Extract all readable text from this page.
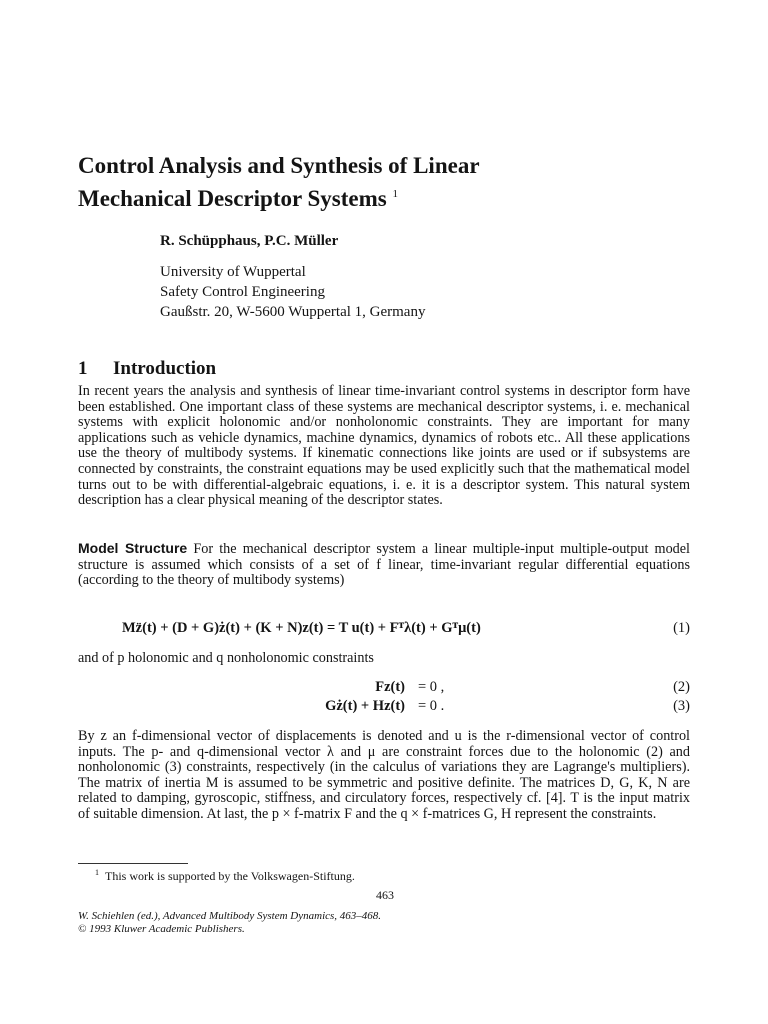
Control Analysis and Synthesis of Linear
Mechanical Descriptor Systems $^1$
R. Schüpphaus, P.C. Müller
University of Wuppertal
Safety Control Engineering
Gaußstr. 20, W-5600 Wuppertal 1, Germany
1 Introduction

In recent years the analysis and synthesis of linear time-invariant control systems in descriptor form have been established. One important class of these systems are mechanical descriptor systems, i. e. mechanical systems with explicit holonomic and/or nonholonomic constraints. They are important for many applications such as vehicle dynamics, machine dynamics, dynamics of robots etc.. All these applications use the theory of multibody systems. If kinematic connections like joints are used or if subsystems are connected by constraints, the constraint equations may be used explicitly such that the mathematical model turns out to be with differential-algebraic equations, i. e. it is a descriptor system. This natural system description has a clear physical meaning of the descriptor states.

Model Structure For the mechanical descriptor system a linear multiple-input multiple-output model structure is assumed which consists of a set of f linear, time-invariant regular differential equations (according to the theory of multibody systems)

Mz̈(t) + (D + G)ż(t) + (K + N)z(t) = T u(t) + Fᵀλ(t) + Gᵀμ(t)	(1)
and of p holonomic and q nonholonomic constraints
Fz(t) = 0 ,	(2)
Gż(t) + Hz(t) = 0 .	(3)

By z an f-dimensional vector of displacements is denoted and u is the r-dimensional vector of control inputs. The p- and q-dimensional vector λ and μ are constraint forces due to the holonomic (2) and nonholonomic (3) constraints, respectively (in the calculus of variations they are Lagrange's multipliers). The matrix of inertia M is assumed to be symmetric and positive definite. The matrices D, G, K, N are related to damping, gyroscopic, stiffness, and circulatory forces, respectively cf. [4]. T is the input matrix of suitable dimension. At last, the p × f-matrix F and the q × f-matrices G, H represent the constraints.

$^1$ This work is supported by the Volkswagen-Stiftung.
463
W. Schiehlen (ed.), Advanced Multibody System Dynamics, 463–468.
© 1993 Kluwer Academic Publishers.
